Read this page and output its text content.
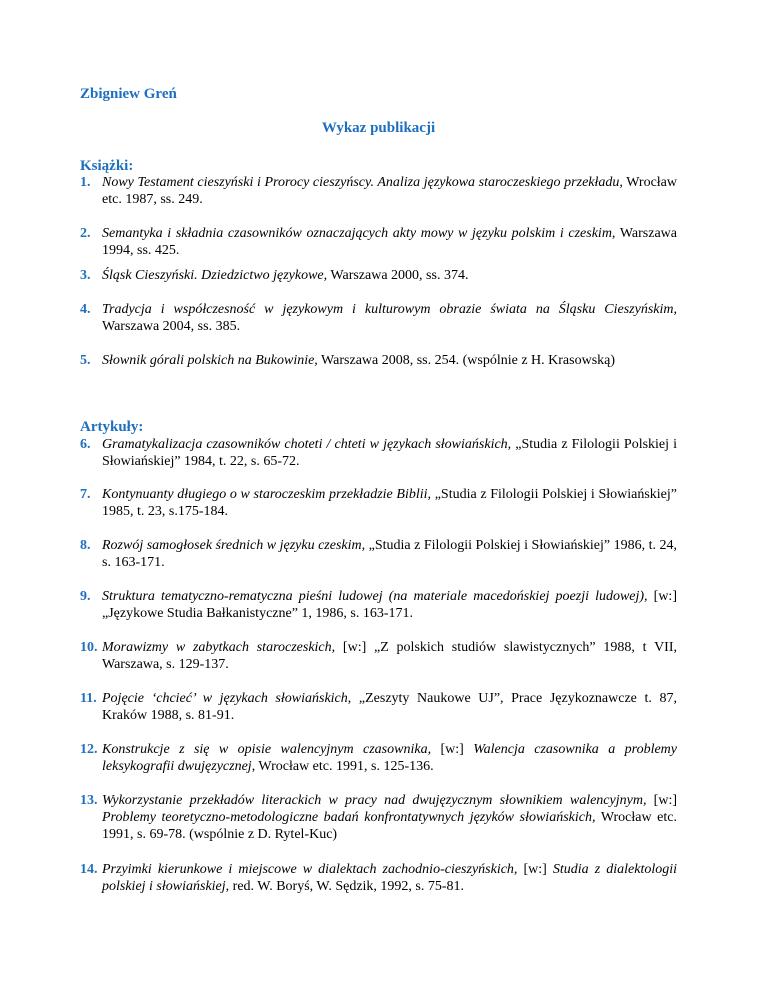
Zbigniew Greń
Wykaz publikacji
Książki:
1. Nowy Testament cieszyński i Prorocy cieszyńscy. Analiza językowa staroczeskiego przekładu, Wrocław etc. 1987, ss. 249.
2. Semantyka i składnia czasowników oznaczających akty mowy w języku polskim i czeskim, Warszawa 1994, ss. 425.
3. Śląsk Cieszyński. Dziedzictwo językowe, Warszawa 2000, ss. 374.
4. Tradycja i współczesność w językowym i kulturowym obrazie świata na Śląsku Cieszyńskim, Warszawa 2004, ss. 385.
5. Słownik górali polskich na Bukowinie, Warszawa 2008, ss. 254. (wspólnie z H. Krasowską)
Artykuły:
6. Gramatykalizacja czasowników choteti / chteti w językach słowiańskich, „Studia z Filologii Polskiej i Słowiańskiej” 1984, t. 22, s. 65-72.
7. Kontynuanty długiego o w staroczeskim przekładzie Biblii, „Studia z Filologii Polskiej i Słowiańskiej” 1985, t. 23, s.175-184.
8. Rozwój samogłosek średnich w języku czeskim, „Studia z Filologii Polskiej i Słowiańskiej” 1986, t. 24, s. 163-171.
9. Struktura tematyczno-rematyczna pieśni ludowej (na materiale macedońskiej poezji ludowej), [w:] „Językowe Studia Bałkanistyczne” 1, 1986, s. 163-171.
10. Morawizmy w zabytkach staroczeskich, [w:] „Z polskich studiów slawistycznych” 1988, t VII, Warszawa, s. 129-137.
11. Pojęcie ‘chcieć’ w językach słowiańskich, „Zeszyty Naukowe UJ”, Prace Językoznawcze t. 87, Kraków 1988, s. 81-91.
12. Konstrukcje z się w opisie walencyjnym czasownika, [w:] Walencja czasownika a problemy leksykografii dwujęzycznej, Wrocław etc. 1991, s. 125-136.
13. Wykorzystanie przekładów literackich w pracy nad dwujęzycznym słownikiem walencyjnym, [w:] Problemy teoretyczno-metodologiczne badań konfrontatywnych języków słowiańskich, Wrocław etc. 1991, s. 69-78. (wspólnie z D. Rytel-Kuc)
14. Przyimki kierunkowe i miejscowe w dialektach zachodnio-cieszyńskich, [w:] Studia z dialektologii polskiej i słowiańskiej, red. W. Boryś, W. Sędzik, 1992, s. 75-81.
